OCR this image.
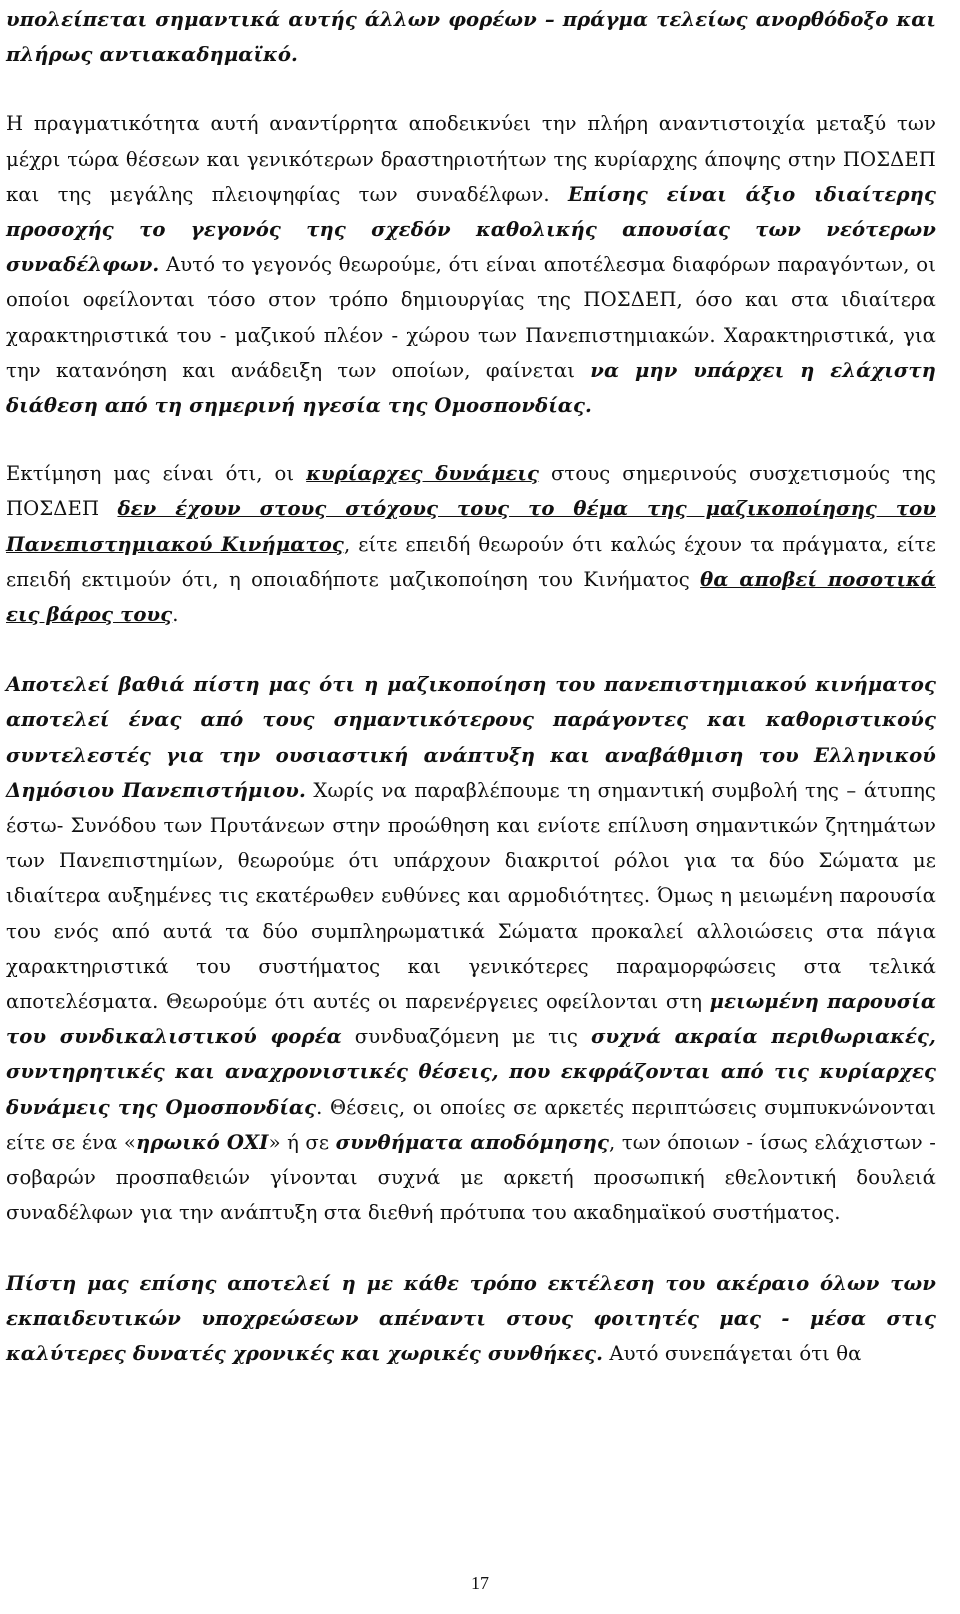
υπολείπεται σημαντικά αυτής άλλων φορέων – πράγμα τελείως ανορθόδοξο και πλήρως αντιακαδημαϊκό.

Η πραγματικότητα αυτή αναντίρρητα αποδεικνύει την πλήρη αναντιστοιχία μεταξύ των μέχρι τώρα θέσεων και γενικότερων δραστηριοτήτων της κυρίαρχης άποψης στην ΠΟΣΔΕΠ και της μεγάλης πλειοψηφίας των συναδέλφων. Επίσης είναι άξιο ιδιαίτερης προσοχής το γεγονός της σχεδόν καθολικής απουσίας των νεότερων συναδέλφων. Αυτό το γεγονός θεωρούμε, ότι είναι αποτέλεσμα διαφόρων παραγόντων, οι οποίοι οφείλονται τόσο στον τρόπο δημιουργίας της ΠΟΣΔΕΠ, όσο και στα ιδιαίτερα χαρακτηριστικά του - μαζικού πλέον - χώρου των Πανεπιστημιακών. Χαρακτηριστικά, για την κατανόηση και ανάδειξη των οποίων, φαίνεται να μην υπάρχει η ελάχιστη διάθεση από τη σημερινή ηγεσία της Ομοσπονδίας.

Εκτίμηση μας είναι ότι, οι κυρίαρχες δυνάμεις στους σημερινούς συσχετισμούς της ΠΟΣΔΕΠ δεν έχουν στους στόχους τους το θέμα της μαζικοποίησης του Πανεπιστημιακού Κινήματος, είτε επειδή θεωρούν ότι καλώς έχουν τα πράγματα, είτε επειδή εκτιμούν ότι, η οποιαδήποτε μαζικοποίηση του Κινήματος θα αποβεί ποσοτικά εις βάρος τους.

Αποτελεί βαθιά πίστη μας ότι η μαζικοποίηση του πανεπιστημιακού κινήματος αποτελεί ένας από τους σημαντικότερους παράγοντες και καθοριστικούς συντελεστές για την ουσιαστική ανάπτυξη και αναβάθμιση του Ελληνικού Δημόσιου Πανεπιστήμιου. Χωρίς να παραβλέπουμε τη σημαντική συμβολή της – άτυπης έστω- Συνόδου των Πρυτάνεων στην προώθηση και ενίοτε επίλυση σημαντικών ζητημάτων των Πανεπιστημίων, θεωρούμε ότι υπάρχουν διακριτοί ρόλοι για τα δύο Σώματα με ιδιαίτερα αυξημένες τις εκατέρωθεν ευθύνες και αρμοδιότητες. Όμως η μειωμένη παρουσία του ενός από αυτά τα δύο συμπληρωματικά Σώματα προκαλεί αλλοιώσεις στα πάγια χαρακτηριστικά του συστήματος και γενικότερες παραμορφώσεις στα τελικά αποτελέσματα. Θεωρούμε ότι αυτές οι παρενέργειες οφείλονται στη μειωμένη παρουσία του συνδικαλιστικού φορέα συνδυαζόμενη με τις συχνά ακραία περιθωριακές, συντηρητικές και αναχρονιστικές θέσεις, που εκφράζονται από τις κυρίαρχες δυνάμεις της Ομοσπονδίας. Θέσεις, οι οποίες σε αρκετές περιπτώσεις συμπυκνώνονται είτε σε ένα «ηρωικό ΟΧΙ» ή σε συνθήματα αποδόμησης, των όποιων - ίσως ελάχιστων - σοβαρών προσπαθειών γίνονται συχνά με αρκετή προσωπική εθελοντική δουλειά συναδέλφων για την ανάπτυξη στα διεθνή πρότυπα του ακαδημαϊκού συστήματος.

Πίστη μας επίσης αποτελεί η με κάθε τρόπο εκτέλεση του ακέραιο όλων των εκπαιδευτικών υποχρεώσεων απέναντι στους φοιτητές μας - μέσα στις καλύτερες δυνατές χρονικές και χωρικές συνθήκες. Αυτό συνεπάγεται ότι θα

17
